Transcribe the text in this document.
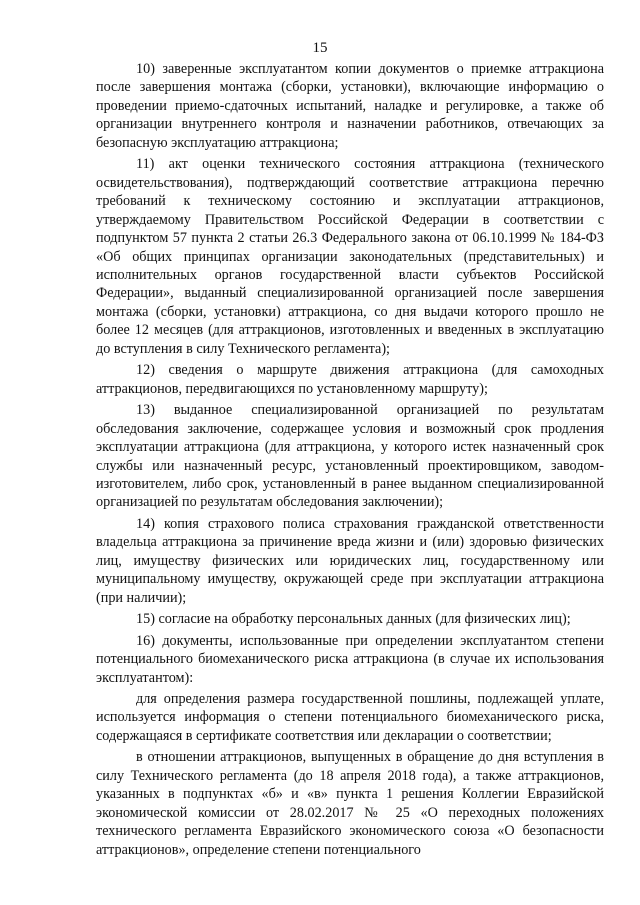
15

10) заверенные эксплуатантом копии документов о приемке аттракциона после завершения монтажа (сборки, установки), включающие информацию о проведении приемо-сдаточных испытаний, наладке и регулировке, а также об организации внутреннего контроля и назначении работников, отвечающих за безопасную эксплуатацию аттракциона;

11) акт оценки технического состояния аттракциона (технического освидетельствования), подтверждающий соответствие аттракциона перечню требований к техническому состоянию и эксплуатации аттракционов, утверждаемому Правительством Российской Федерации в соответствии с подпунктом 57 пункта 2 статьи 26.3 Федерального закона от 06.10.1999 № 184-ФЗ «Об общих принципах организации законодательных (представительных) и исполнительных органов государственной власти субъектов Российской Федерации», выданный специализированной организацией после завершения монтажа (сборки, установки) аттракциона, со дня выдачи которого прошло не более 12 месяцев (для аттракционов, изготовленных и введенных в эксплуатацию до вступления в силу Технического регламента);

12) сведения о маршруте движения аттракциона (для самоходных аттракционов, передвигающихся по установленному маршруту);

13) выданное специализированной организацией по результатам обследования заключение, содержащее условия и возможный срок продления эксплуатации аттракциона (для аттракциона, у которого истек назначенный срок службы или назначенный ресурс, установленный проектировщиком, заводом-изготовителем, либо срок, установленный в ранее выданном специализированной организацией по результатам обследования заключении);

14) копия страхового полиса страхования гражданской ответственности владельца аттракциона за причинение вреда жизни и (или) здоровью физических лиц, имуществу физических или юридических лиц, государственному или муниципальному имуществу, окружающей среде при эксплуатации аттракциона (при наличии);

15) согласие на обработку персональных данных (для физических лиц);

16) документы, использованные при определении эксплуатантом степени потенциального биомеханического риска аттракциона (в случае их использования эксплуатантом):

для определения размера государственной пошлины, подлежащей уплате, используется информация о степени потенциального биомеханического риска, содержащаяся в сертификате соответствия или декларации о соответствии;

в отношении аттракционов, выпущенных в обращение до дня вступления в силу Технического регламента (до 18 апреля 2018 года), а также аттракционов, указанных в подпунктах «б» и «в» пункта 1 решения Коллегии Евразийской экономической комиссии от 28.02.2017 № 25 «О переходных положениях технического регламента Евразийского экономического союза «О безопасности аттракционов», определение степени потенциального
